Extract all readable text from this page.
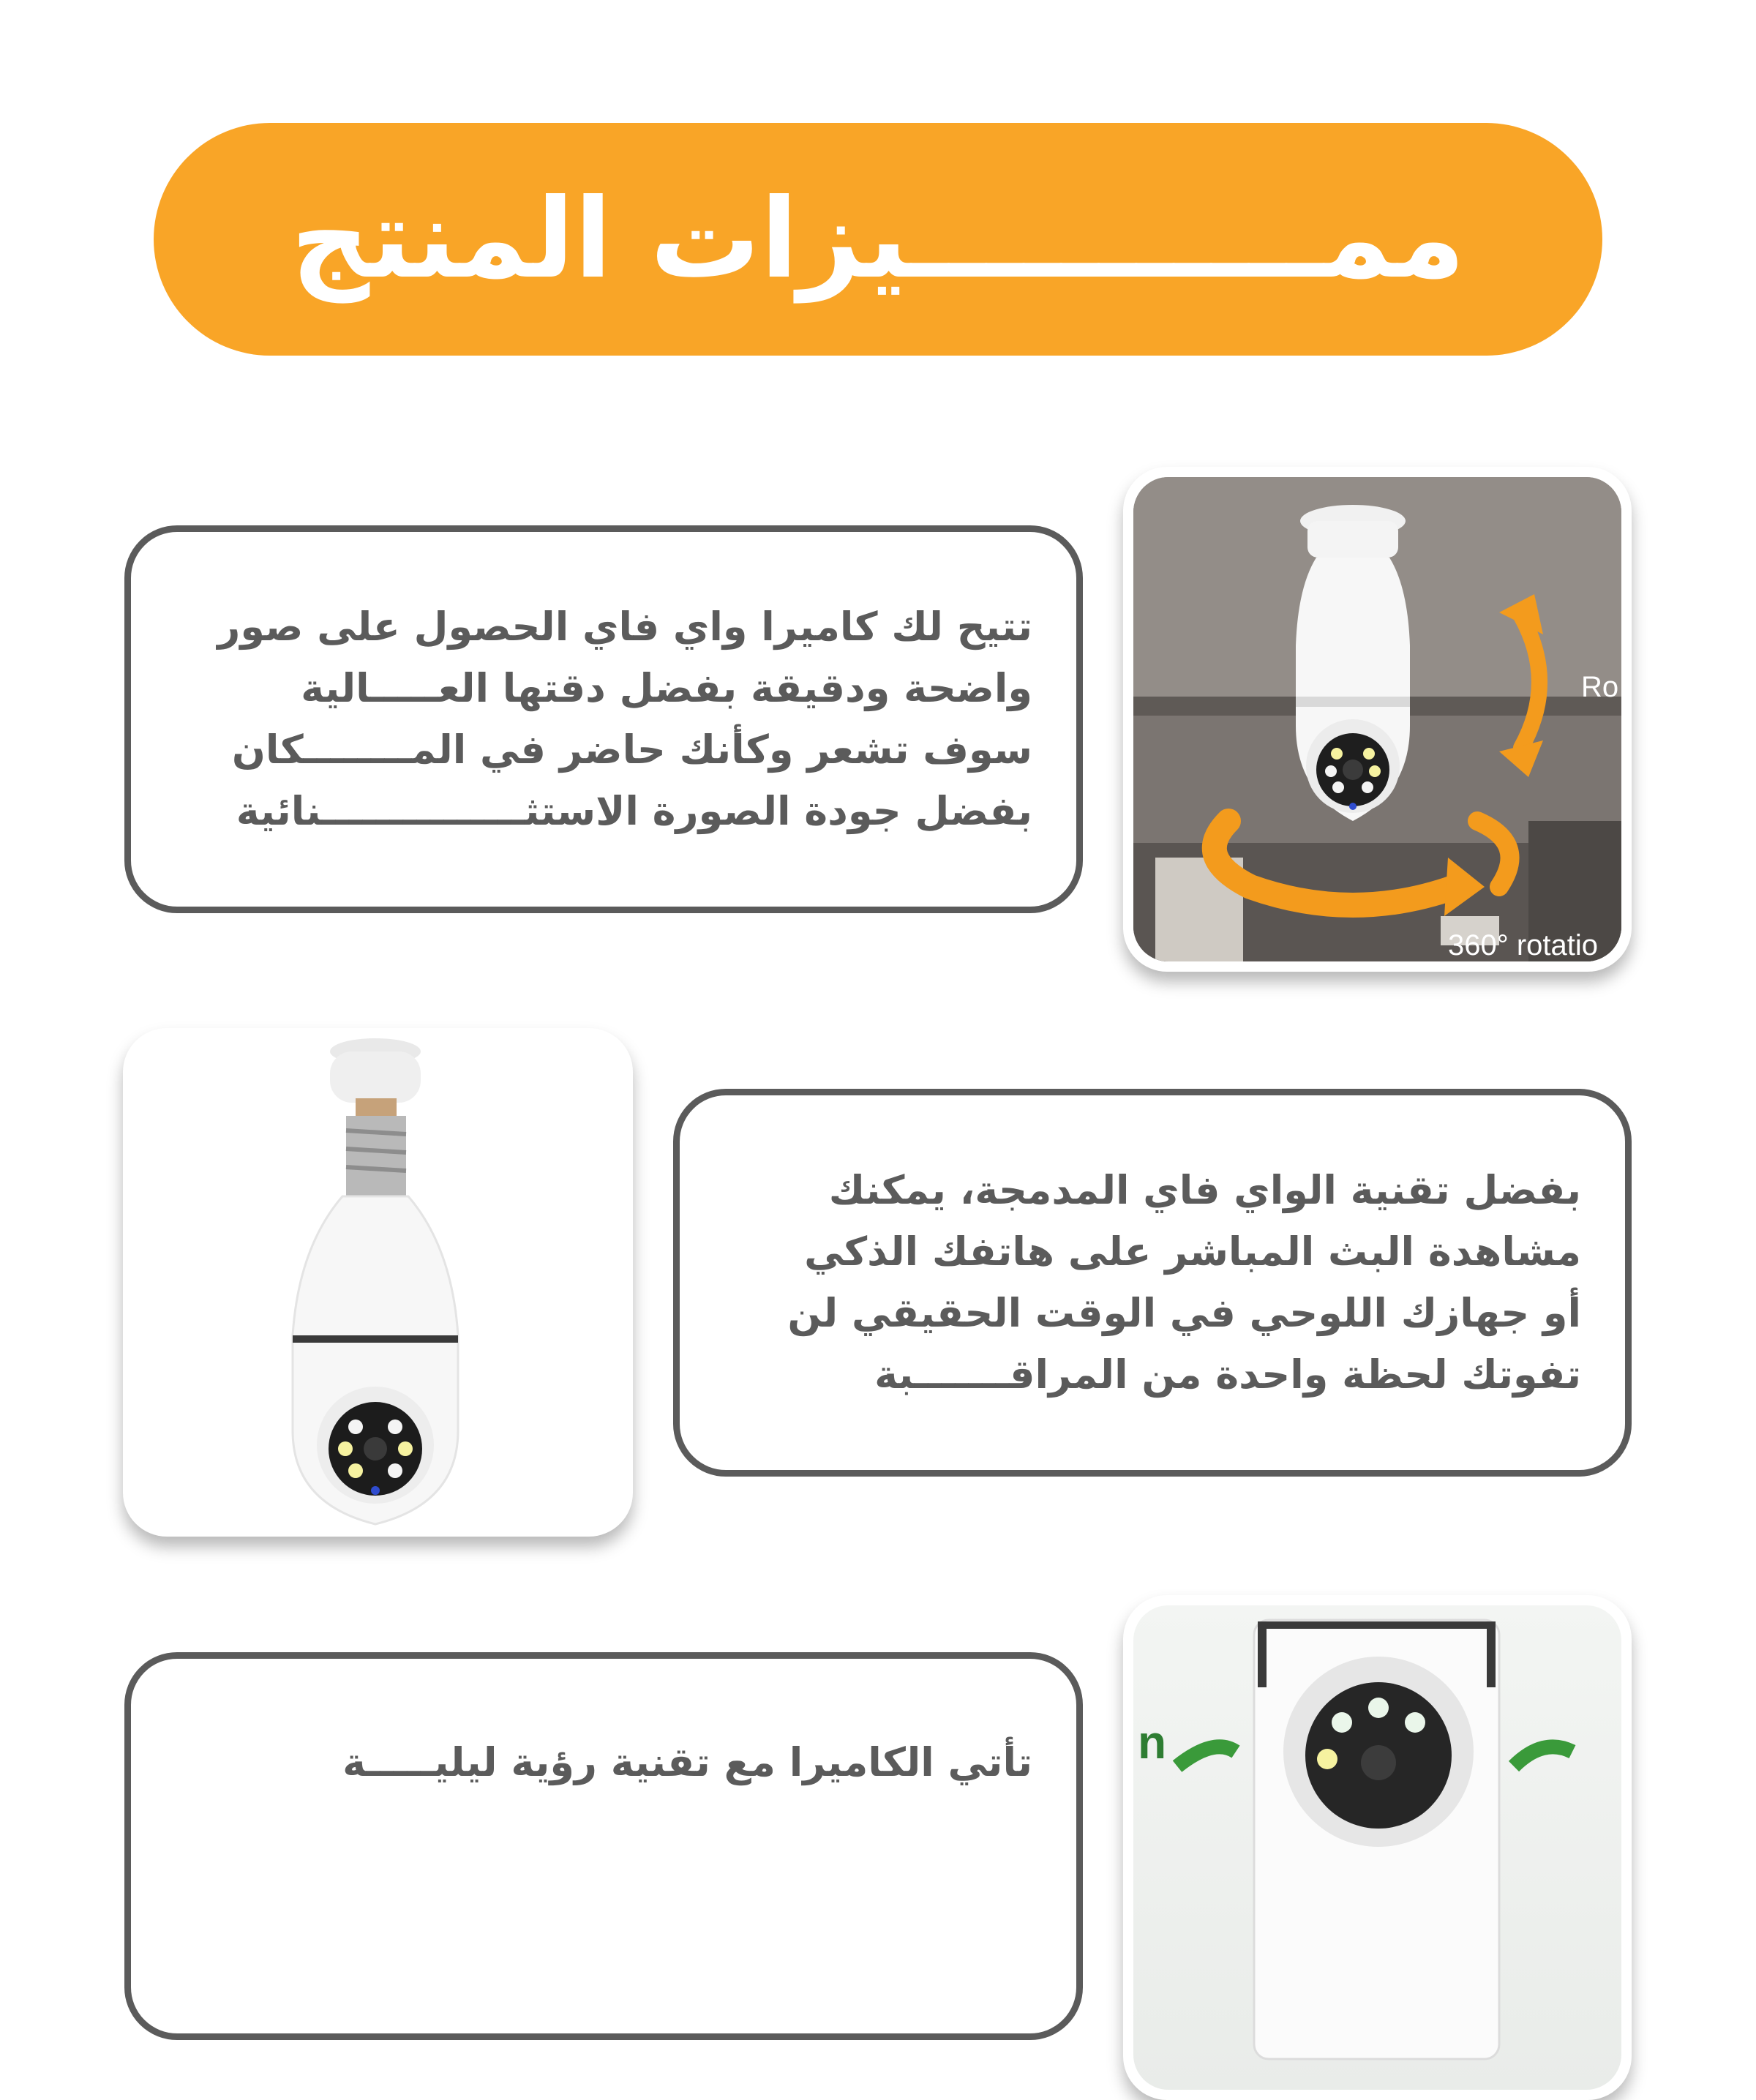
ممـــــــــــيزات المنتج
تتيح لك كاميرا واي فاي الحصول على صور
واضحة ودقيقة بفضل دقتها العـــــالية
سوف تشعر وكأنك حاضر في المــــــــكان
بفضل جودة الصورة الاستثـــــــــــــــنائية
Ro
360° rotatio
بفضل تقنية الواي فاي المدمجة، يمكنك
مشاهدة البث المباشر على هاتفك الذكي
أو جهازك اللوحي في الوقت الحقيقي لن
تفوتك لحظة واحدة من المراقـــــــبة
تأتي الكاميرا مع تقنية رؤية ليليـــــة n
